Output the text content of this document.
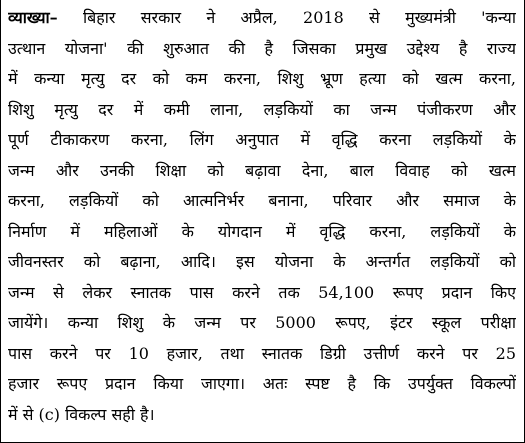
व्याख्या– बिहार सरकार ने अप्रैल, 2018 से मुख्यमंत्री 'कन्या
उत्थान योजना' की शुरुआत की है जिसका प्रमुख उद्देश्य है राज्य
में कन्या मृत्यु दर को कम करना, शिशु भ्रूण हत्या को खत्म करना,
शिशु मृत्यु दर में कमी लाना, लड़कियों का जन्म पंजीकरण और
पूर्ण टीकाकरण करना, लिंग अनुपात में वृद्धि करना लड़कियों के
जन्म और उनकी शिक्षा को बढ़ावा देना, बाल विवाह को खत्म
करना, लड़कियों को आत्मनिर्भर बनाना, परिवार और समाज के
निर्माण में महिलाओं के योगदान में वृद्धि करना, लड़कियों के
जीवनस्तर को बढ़ाना, आदि। इस योजना के अन्तर्गत लड़कियों को
जन्म से लेकर स्नातक पास करने तक 54,100 रूपए प्रदान किए
जायेंगे। कन्या शिशु के जन्म पर 5000 रूपए, इंटर स्कूल परीक्षा
पास करने पर 10 हजार, तथा स्नातक डिग्री उत्तीर्ण करने पर 25
हजार रूपए प्रदान किया जाएगा। अतः स्पष्ट है कि उपर्युक्त विकल्पों
में से (c) विकल्प सही है।
